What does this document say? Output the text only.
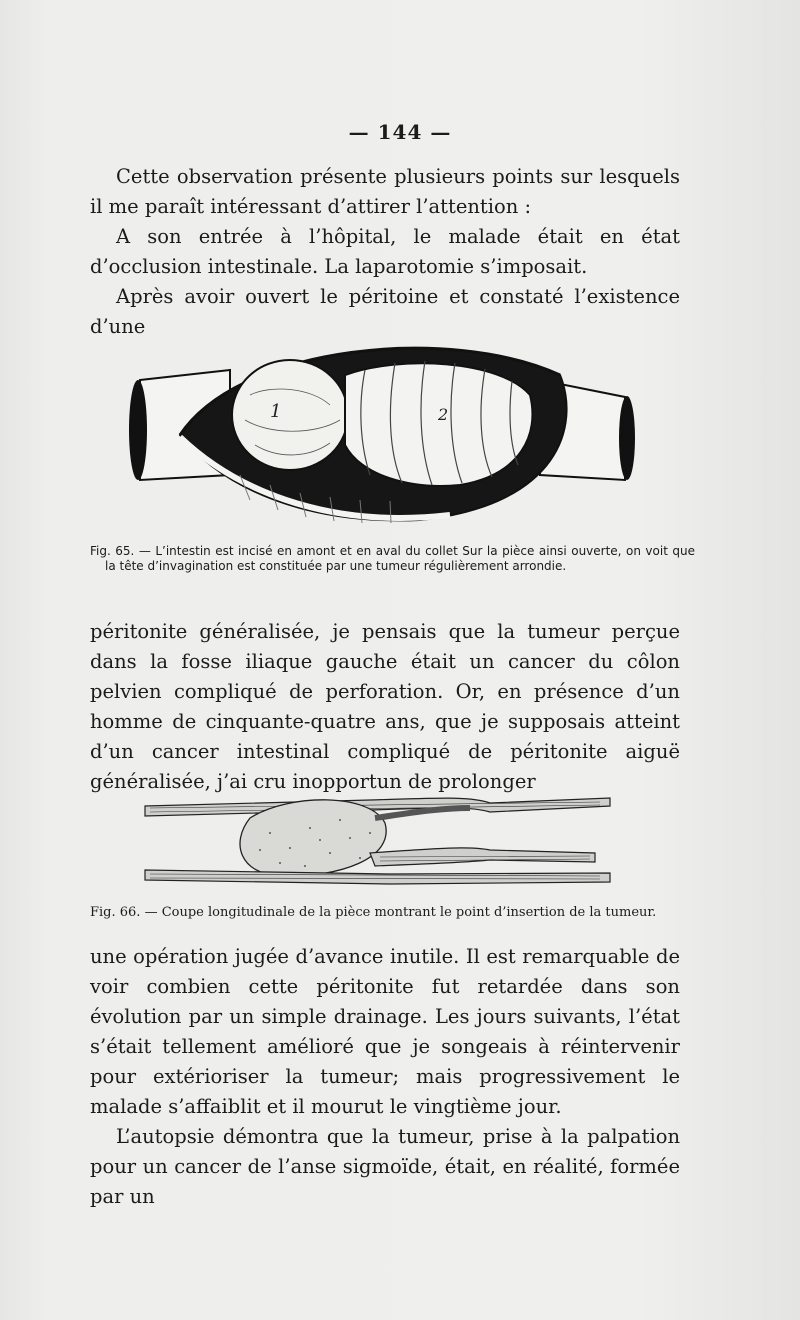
— 144 —

Cette observation présente plusieurs points sur lesquels il me paraît intéressant d’attirer l’attention :

A son entrée à l’hôpital, le malade était en état d’occlusion intestinale. La laparotomie s’imposait.

Après avoir ouvert le péritoine et constaté l’existence d’une

1	2
Fig. 65. — L’intestin est incisé en amont et en aval du collet Sur la pièce ainsi ouverte, on voit que la tête d’invagination est constituée par une tumeur régulièrement arrondie.

péritonite généralisée, je pensais que la tumeur perçue dans la fosse iliaque gauche était un cancer du côlon pelvien compliqué de perforation. Or, en présence d’un homme de cinquante-quatre ans, que je supposais atteint d’un cancer intestinal compliqué de péritonite aiguë généralisée, j’ai cru inopportun de prolonger

Fig. 66. — Coupe longitudinale de la pièce montrant le point d’insertion de la tumeur.

une opération jugée d’avance inutile. Il est remarquable de voir combien cette péritonite fut retardée dans son évolution par un simple drainage. Les jours suivants, l’état s’était tellement amélioré que je songeais à réintervenir pour extérioriser la tumeur; mais progressivement le malade s’affaiblit et il mourut le vingtième jour.

L’autopsie démontra que la tumeur, prise à la palpation pour un cancer de l’anse sigmoïde, était, en réalité, formée par un
